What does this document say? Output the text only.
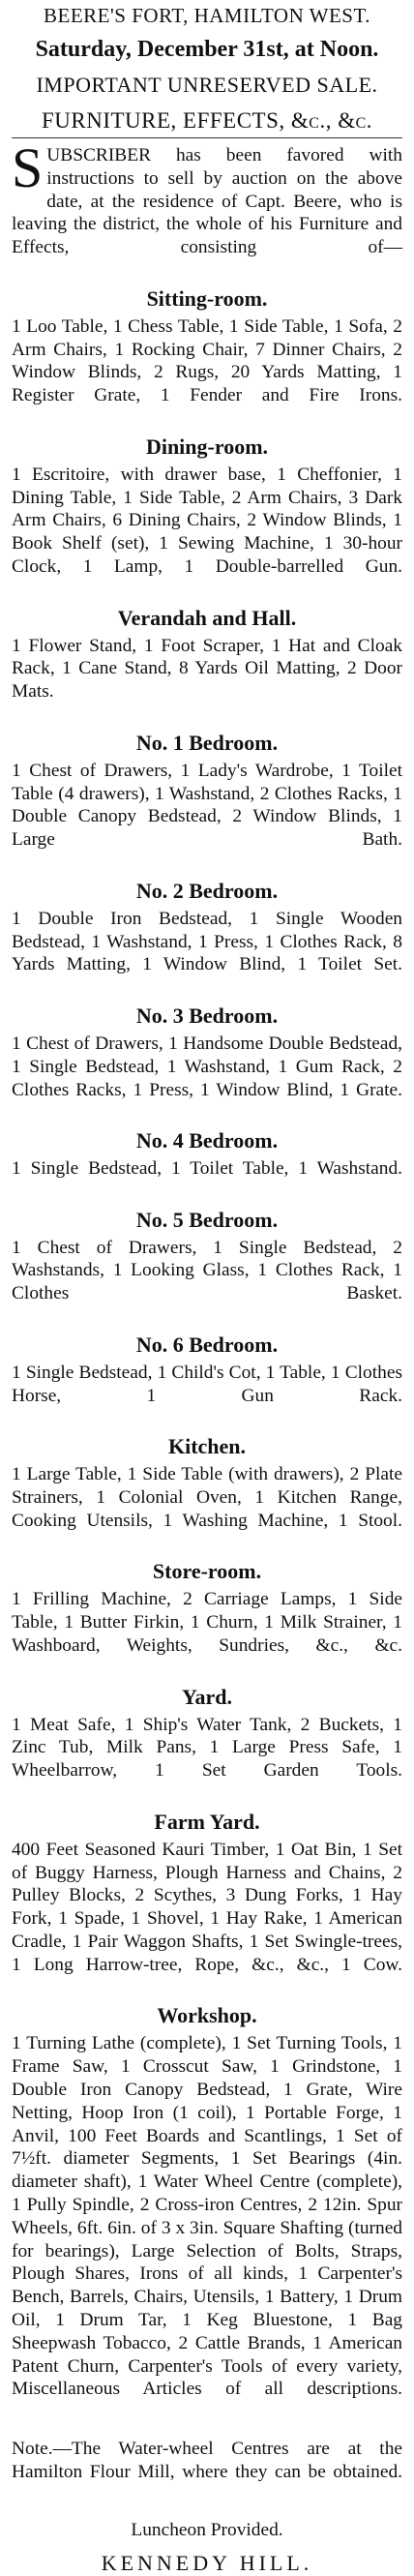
BEERE'S FORT, HAMILTON WEST.
Saturday, December 31st, at Noon.
IMPORTANT UNRESERVED SALE.
FURNITURE, EFFECTS, &c., &c.

SUBSCRIBER has been favored with instructions to sell by auction on the above date, at the residence of Capt. Beere, who is leaving the district, the whole of his Furniture and Effects, consisting of—

Sitting-room.

1 Loo Table, 1 Chess Table, 1 Side Table, 1 Sofa, 2 Arm Chairs, 1 Rocking Chair, 7 Dinner Chairs, 2 Window Blinds, 2 Rugs, 20 Yards Matting, 1 Register Grate, 1 Fender and Fire Irons.

Dining-room.

1 Escritoire, with drawer base, 1 Cheffonier, 1 Dining Table, 1 Side Table, 2 Arm Chairs, 3 Dark Arm Chairs, 6 Dining Chairs, 2 Window Blinds, 1 Book Shelf (set), 1 Sewing Machine, 1 30-hour Clock, 1 Lamp, 1 Double-barrelled Gun.

Verandah and Hall.

1 Flower Stand, 1 Foot Scraper, 1 Hat and Cloak Rack, 1 Cane Stand, 8 Yards Oil Matting, 2 Door Mats.

No. 1 Bedroom.

1 Chest of Drawers, 1 Lady's Wardrobe, 1 Toilet Table (4 drawers), 1 Washstand, 2 Clothes Racks, 1 Double Canopy Bedstead, 2 Window Blinds, 1 Large Bath.

No. 2 Bedroom.

1 Double Iron Bedstead, 1 Single Wooden Bedstead, 1 Washstand, 1 Press, 1 Clothes Rack, 8 Yards Matting, 1 Window Blind, 1 Toilet Set.

No. 3 Bedroom.

1 Chest of Drawers, 1 Handsome Double Bedstead, 1 Single Bedstead, 1 Washstand, 1 Gum Rack, 2 Clothes Racks, 1 Press, 1 Window Blind, 1 Grate.

No. 4 Bedroom.

1 Single Bedstead, 1 Toilet Table, 1 Washstand.

No. 5 Bedroom.

1 Chest of Drawers, 1 Single Bedstead, 2 Washstands, 1 Looking Glass, 1 Clothes Rack, 1 Clothes Basket.

No. 6 Bedroom.

1 Single Bedstead, 1 Child's Cot, 1 Table, 1 Clothes Horse, 1 Gun Rack.

Kitchen.

1 Large Table, 1 Side Table (with drawers), 2 Plate Strainers, 1 Colonial Oven, 1 Kitchen Range, Cooking Utensils, 1 Washing Machine, 1 Stool.

Store-room.

1 Frilling Machine, 2 Carriage Lamps, 1 Side Table, 1 Butter Firkin, 1 Churn, 1 Milk Strainer, 1 Washboard, Weights, Sundries, &c., &c.

Yard.

1 Meat Safe, 1 Ship's Water Tank, 2 Buckets, 1 Zinc Tub, Milk Pans, 1 Large Press Safe, 1 Wheelbarrow, 1 Set Garden Tools.

Farm Yard.

400 Feet Seasoned Kauri Timber, 1 Oat Bin, 1 Set of Buggy Harness, Plough Harness and Chains, 2 Pulley Blocks, 2 Scythes, 3 Dung Forks, 1 Hay Fork, 1 Spade, 1 Shovel, 1 Hay Rake, 1 American Cradle, 1 Pair Waggon Shafts, 1 Set Swingle-trees, 1 Long Harrow-tree, Rope, &c., &c., 1 Cow.

Workshop.

1 Turning Lathe (complete), 1 Set Turning Tools, 1 Frame Saw, 1 Crosscut Saw, 1 Grindstone, 1 Double Iron Canopy Bedstead, 1 Grate, Wire Netting, Hoop Iron (1 coil), 1 Portable Forge, 1 Anvil, 100 Feet Boards and Scantlings, 1 Set of 7½ft. diameter Segments, 1 Set Bearings (4in. diameter shaft), 1 Water Wheel Centre (complete), 1 Pully Spindle, 2 Cross-iron Centres, 2 12in. Spur Wheels, 6ft. 6in. of 3 x 3in. Square Shafting (turned for bearings), Large Selection of Bolts, Straps, Plough Shares, Irons of all kinds, 1 Carpenter's Bench, Barrels, Chairs, Utensils, 1 Battery, 1 Drum Oil, 1 Drum Tar, 1 Keg Bluestone, 1 Bag Sheepwash Tobacco, 2 Cattle Brands, 1 American Patent Churn, Carpenter's Tools of every variety, Miscellaneous Articles of all descriptions.

Note.—The Water-wheel Centres are at the Hamilton Flour Mill, where they can be obtained.

Luncheon Provided.
KENNEDY HILL.
